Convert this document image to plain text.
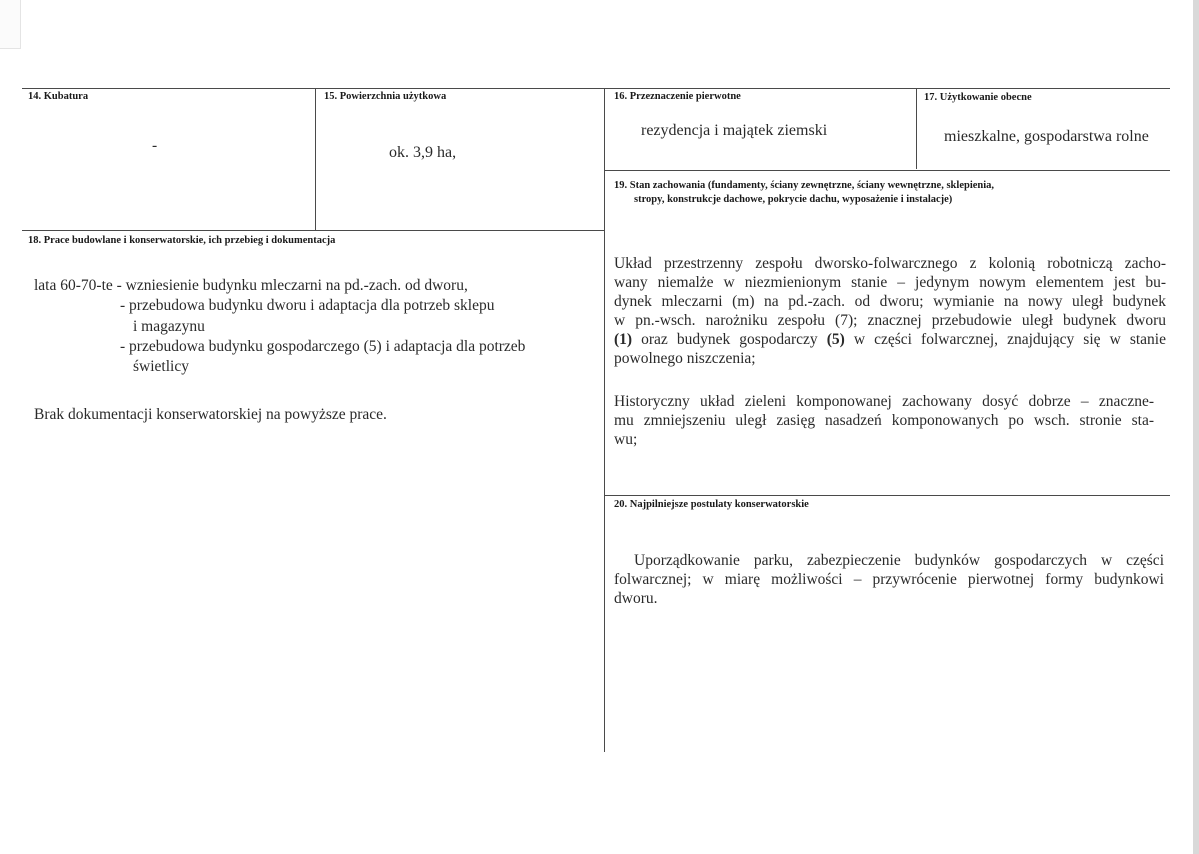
14. Kubatura
-
15. Powierzchnia użytkowa
ok. 3,9 ha,
16. Przeznaczenie pierwotne
rezydencja i majątek ziemski
17. Użytkowanie obecne
mieszkalne, gospodarstwa rolne
19. Stan zachowania (fundamenty, ściany zewnętrzne, ściany wewnętrzne, sklepienia,
stropy, konstrukcje dachowe, pokrycie dachu, wyposażenie i instalacje)
Układ przestrzenny zespołu dworsko-folwarcznego z kolonią robotniczą zacho-
wany niemalże w niezmienionym stanie – jedynym nowym elementem jest bu-
dynek mleczarni (m) na pd.-zach. od dworu; wymianie na nowy uległ budynek
w pn.-wsch. narożniku zespołu (7); znacznej przebudowie uległ budynek dworu
(1) oraz budynek gospodarczy (5) w części folwarcznej, znajdujący się w stanie
powolnego niszczenia;
Historyczny układ zieleni komponowanej zachowany dosyć dobrze – znaczne-
mu zmniejszeniu uległ zasięg nasadzeń komponowanych po wsch. stronie sta-
wu;
18. Prace budowlane i konserwatorskie, ich przebieg i dokumentacja
lata 60-70-te - wzniesienie budynku mleczarni na pd.-zach. od dworu,
- przebudowa budynku dworu i adaptacja dla potrzeb sklepu
i magazynu
- przebudowa budynku gospodarczego (5) i adaptacja dla potrzeb
świetlicy
Brak dokumentacji konserwatorskiej na powyższe prace.
20. Najpilniejsze postulaty konserwatorskie
Uporządkowanie parku, zabezpieczenie budynków gospodarczych w części
folwarcznej; w miarę możliwości – przywrócenie pierwotnej formy budynkowi
dworu.
